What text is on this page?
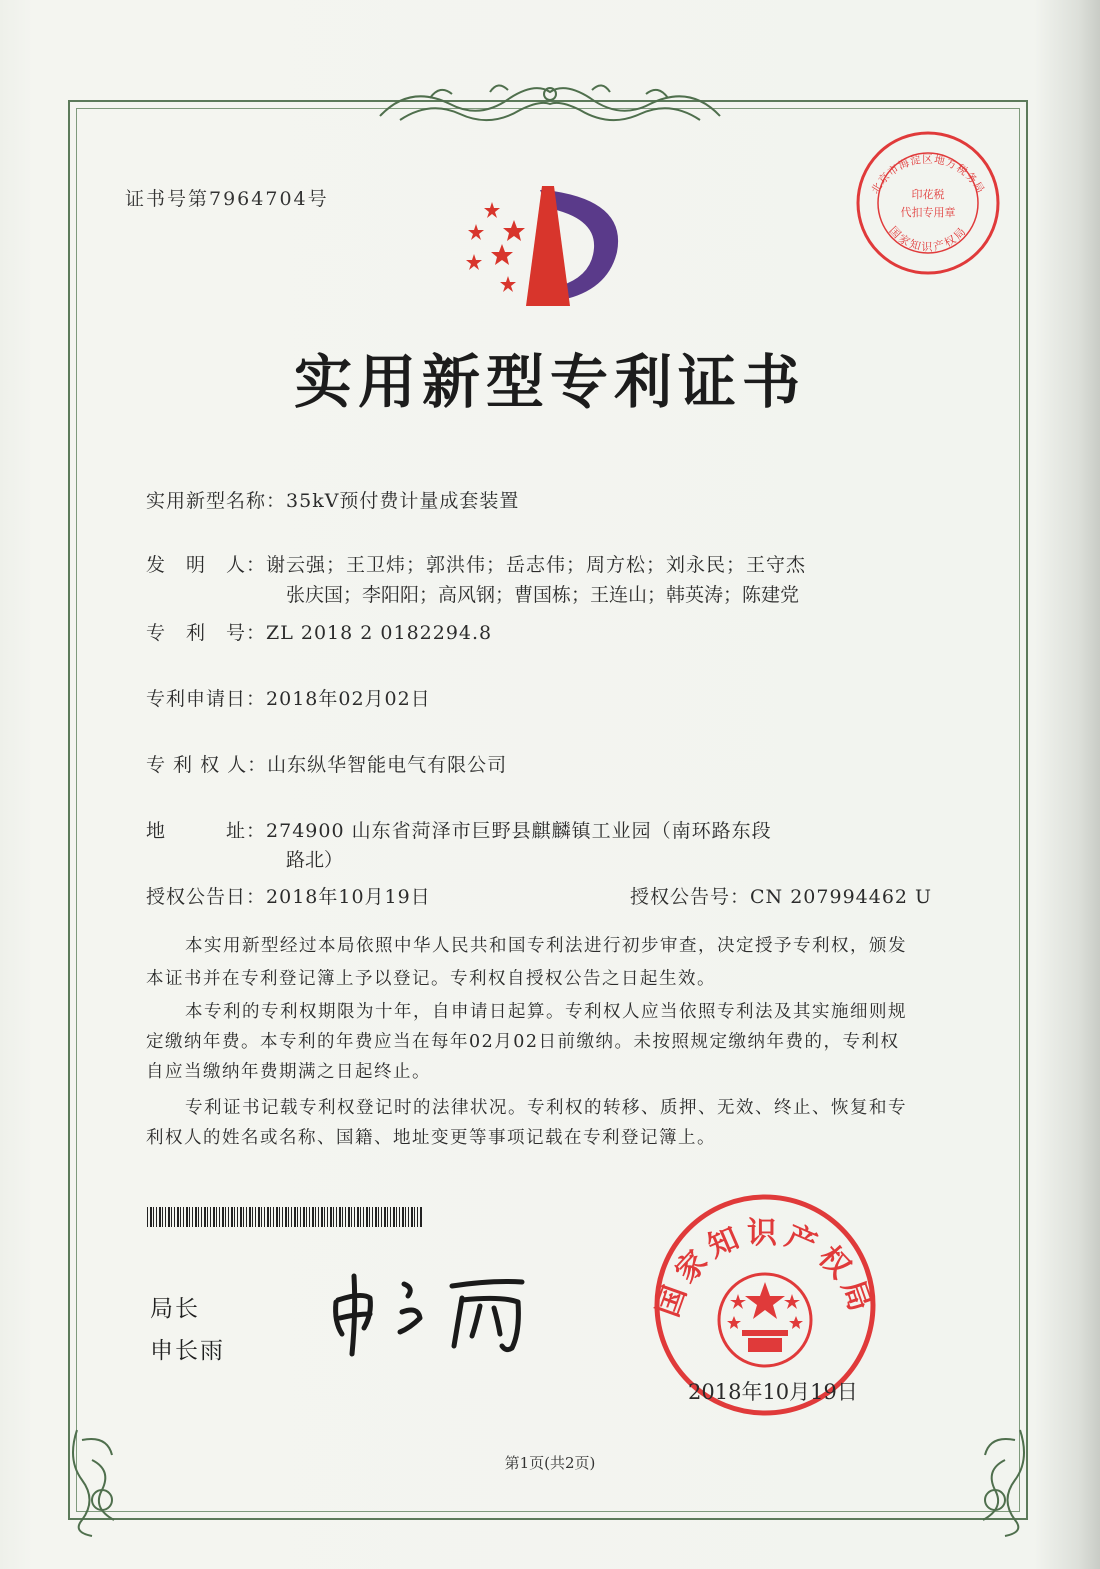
证书号第7964704号	北京市海淀区地方税务局
国家知识产权局
印花税
代扣专用章
实用新型专利证书
实用新型名称：35kV预付费计量成套装置
发　明　人：谢云强；王卫炜；郭洪伟；岳志伟；周方松；刘永民；王守杰
张庆国；李阳阳；高风钢；曹国栋；王连山；韩英涛；陈建党
专　利　号：ZL 2018 2 0182294.8
专利申请日：2018年02月02日
专 利 权 人：山东纵华智能电气有限公司
地　　　址：274900 山东省菏泽市巨野县麒麟镇工业园（南环路东段
路北）
授权公告日：2018年10月19日	授权公告号：CN 207994462 U
本实用新型经过本局依照中华人民共和国专利法进行初步审查，决定授予专利权，颁发
本证书并在专利登记簿上予以登记。专利权自授权公告之日起生效。
本专利的专利权期限为十年，自申请日起算。专利权人应当依照专利法及其实施细则规
定缴纳年费。本专利的年费应当在每年02月02日前缴纳。未按照规定缴纳年费的，专利权
自应当缴纳年费期满之日起终止。
专利证书记载专利权登记时的法律状况。专利权的转移、质押、无效、终止、恢复和专
利权人的姓名或名称、国籍、地址变更等事项记载在专利登记簿上。
局长
申长雨
国家知识产权局
2018年10月19日
第1页(共2页)
